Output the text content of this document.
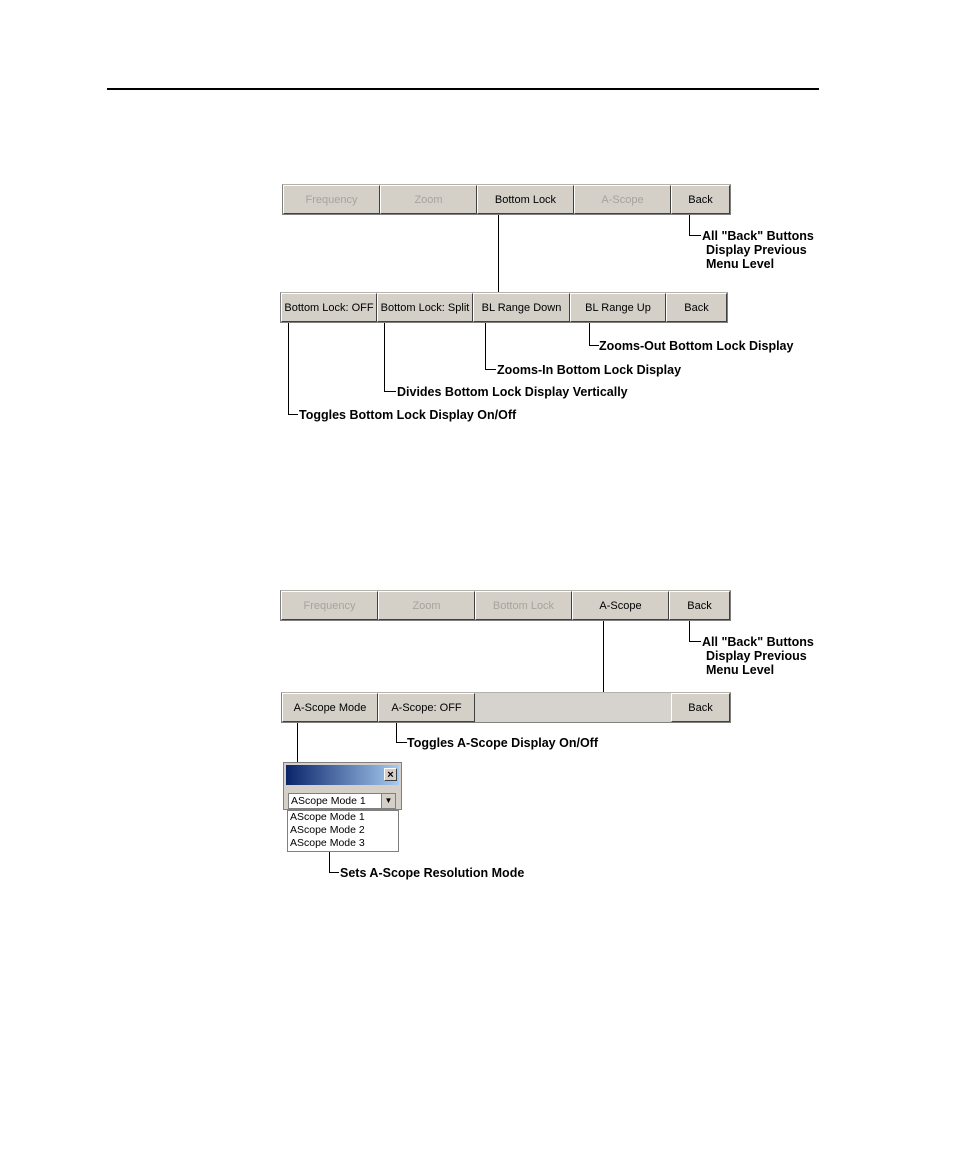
Frequency	Zoom	Bottom Lock	A-Scope	Back
All "Back" Buttons
Display Previous
Menu Level
Bottom Lock: OFF Bottom Lock: Split	BL Range Down	BL Range Up	Back
Zooms-Out Bottom Lock Display
Zooms-In Bottom Lock Display
Divides Bottom Lock Display Vertically
Toggles Bottom Lock Display On/Off
Frequency	Zoom	Bottom Lock	A-Scope	Back
All "Back" Buttons
Display Previous
Menu Level
A-Scope Mode	A-Scope: OFF	Back
Toggles A-Scope Display On/Off
×
AScope Mode 1	▼
AScope Mode 1
AScope Mode 2
AScope Mode 3
Sets A-Scope Resolution Mode
